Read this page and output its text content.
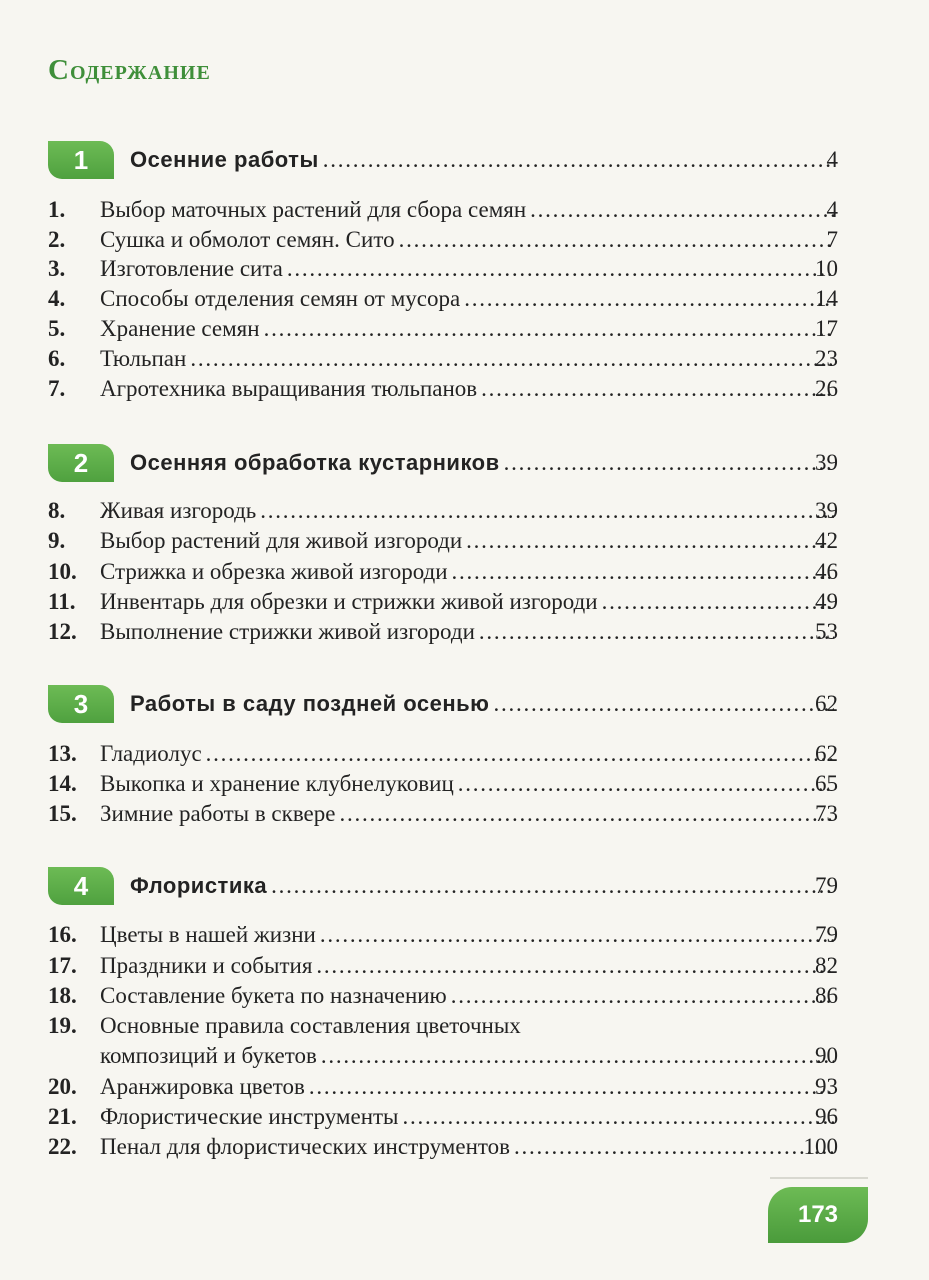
Содержание
1	Осенние работы . . .	4
1. Выбор маточных растений для сбора семян . . .	4
2. Сушка и обмолот семян. Сито . . .	7
3. Изготовление сита . . .	10
4. Способы отделения семян от мусора . . .	14
5. Хранение семян . . .	17
6. Тюльпан . . .	23
7. Агротехника выращивания тюльпанов . . .	26
2	Осенняя обработка кустарников . . .	39
8. Живая изгородь . . .	39
9. Выбор растений для живой изгороди . . .	42
10. Стрижка и обрезка живой изгороди . . .	46
11. Инвентарь для обрезки и стрижки живой изгороди . . .	49
12. Выполнение стрижки живой изгороди . . .	53
3	Работы в саду поздней осенью . . .	62
13. Гладиолус . . .	62
14. Выкопка и хранение клубнелуковиц . . .	65
15. Зимние работы в сквере . . .	73
4	Флористика . . .	79
16. Цветы в нашей жизни . . .	79
17. Праздники и события . . .	82
18. Составление букета по назначению . . .	86
19. Основные правила составления цветочных
композиций и букетов . . .	90
20. Аранжировка цветов . . .	93
21. Флористические инструменты . . .	96
22. Пенал для флористических инструментов . . .	100
173
